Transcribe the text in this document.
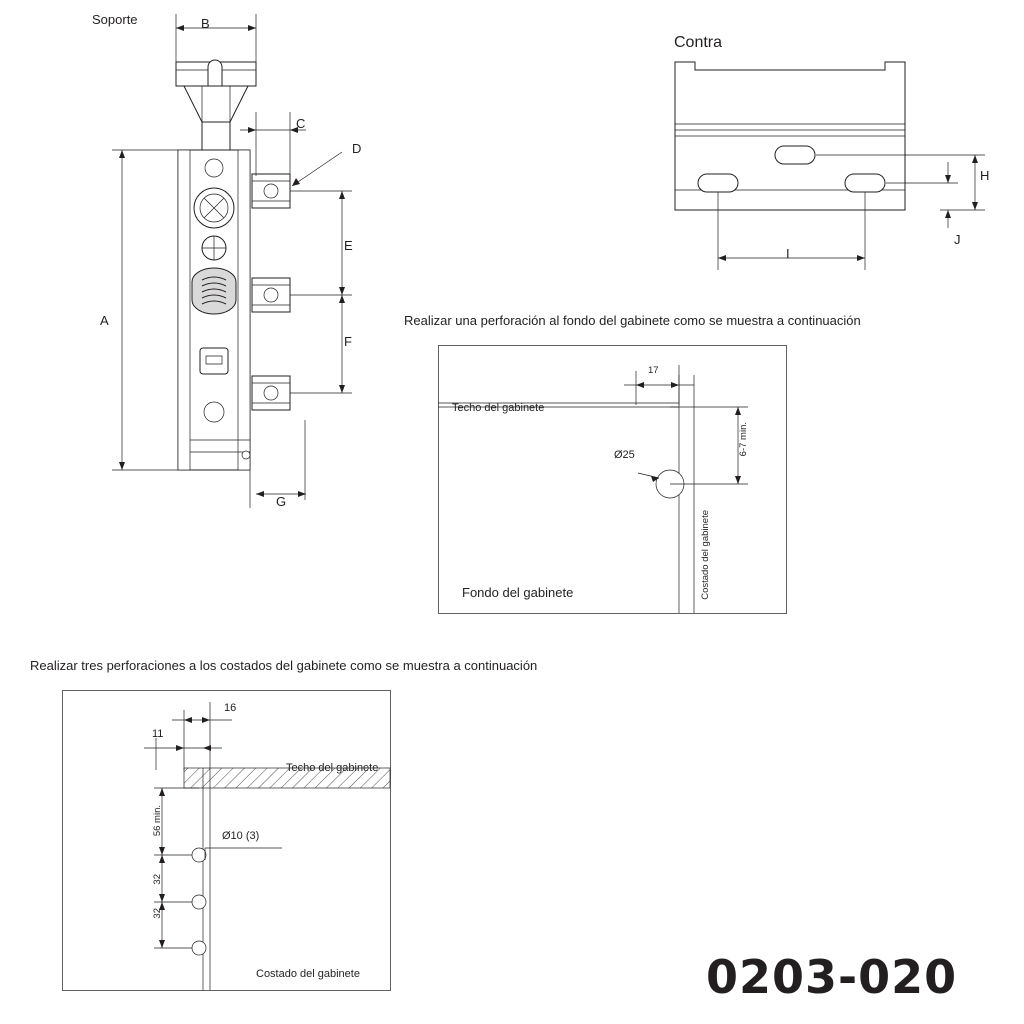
Soporte	B
A
C
D
E
F
G
Contra
H
J
I
Realizar una perforación al fondo del gabinete como se muestra a continuación
17
Techo del gabinete
Ø25	6-7 min.
Costado del gabinete
Fondo del gabinete
Realizar tres perforaciones a los costados del gabinete como se muestra a continuación
16
11
Techo del gabinete
56 min.
32
32
Ø10 (3)
Costado del gabinete	0203-020
